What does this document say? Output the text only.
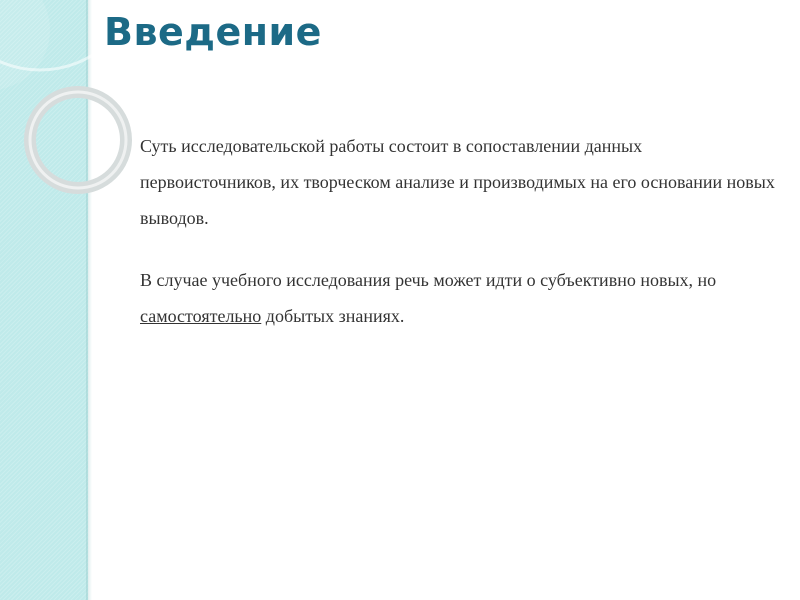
Введение

Суть исследовательской работы состоит в сопоставлении данных первоисточников, их творческом анализе и производимых на его основании новых выводов.

В случае учебного исследования речь может идти о субъективно новых, но самостоятельно добытых знаниях.
